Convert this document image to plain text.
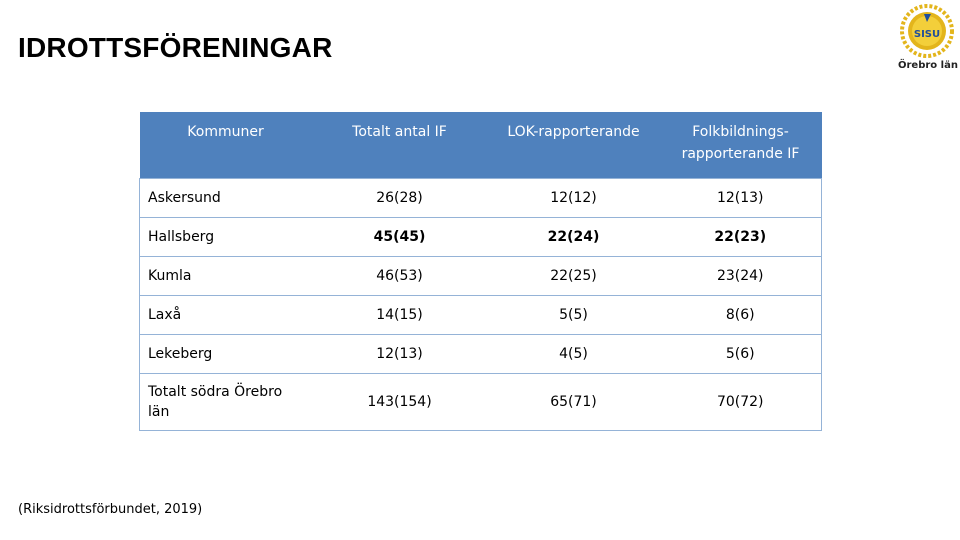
IDROTTSFÖRENINGAR	SISU
Örebro län
Kommuner	Totalt antal IF	LOK-rapporterande	Folkbildnings-
rapporterande IF
Askersund	26(28)	12(12)	12(13)
Hallsberg	45(45)	22(24)	22(23)
Kumla	46(53)	22(25)	23(24)
Laxå	14(15)	5(5)	8(6)
Lekeberg	12(13)	4(5)	5(6)
Totalt södra Örebro län	143(154)	65(71)	70(72)
(Riksidrottsförbundet, 2019)
